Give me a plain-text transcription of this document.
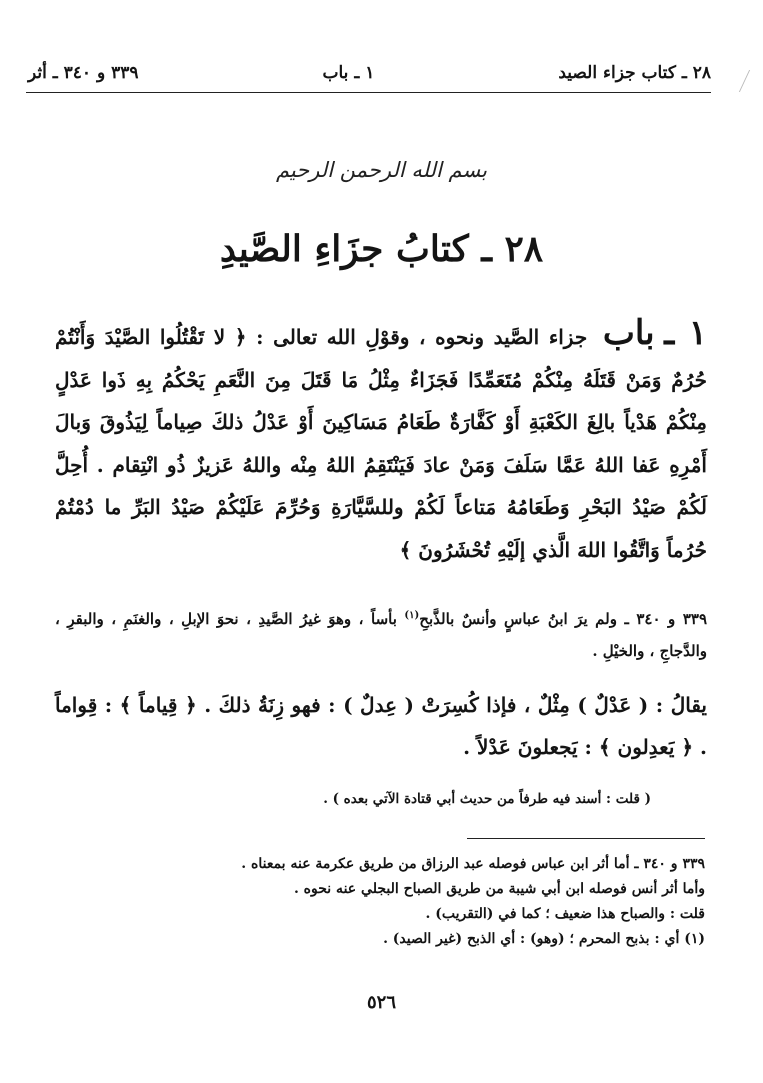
٢٨ ـ كتاب جزاء الصيد
١ ـ باب
٣٣٩ و ٣٤٠ ـ أثر
بسم الله الرحمن الرحيم
٢٨ ـ كتابُ جزَاءِ الصَّيدِ
١ ـ باب جزاء الصَّيد ونحوه ، وقوْلِ الله تعالى : ﴿ لا تَقْتُلُوا الصَّيْدَ وَأَنْتُمْ حُرُمٌ وَمَنْ قَتَلَهُ مِنْكُمْ مُتَعَمِّدًا فَجَزَاءٌ مِثْلُ مَا قَتَلَ مِنَ النَّعَمِ يَحْكُمُ بِهِ ذَوا عَدْلٍ مِنْكُمْ هَدْياً بالِغَ الكَعْبَةِ أَوْ كَفَّارَةٌ طَعَامُ مَسَاكِينَ أَوْ عَدْلُ ذلكَ صِياماً لِيَذُوقَ وَبالَ أَمْرِهِ عَفا اللهُ عَمَّا سَلَفَ وَمَنْ عادَ فَيَنْتَقِمُ اللهُ مِنْه واللهُ عَزيزٌ ذُو انْتِقام . أُحِلَّ لَكُمْ صَيْدُ البَحْرِ وَطَعَامُهُ مَتاعاً لَكُمْ وللسَّيَّارَةِ وَحُرِّمَ عَلَيْكُمْ صَيْدُ البَرِّ ما دُمْتُمْ حُرُماً وَاتَّقُوا اللهَ الَّذي إلَيْهِ تُحْشَرُونَ ﴾
٣٣٩ و ٣٤٠ ـ ولم يرَ ابنُ عباسٍ وأنسٌ بالذَّبحِ$^{(١)}$ بأساً ، وهوَ غيرُ الصَّيدِ ، نحوَ الإبلِ ، والغنَمِ ، والبقرِ ، والدَّجاجِ ، والخيْلِ .
يقالُ : ( عَدْلٌ ) مِثْلٌ ، فإذا كُسِرَتْ ( عِدلٌ ) : فهو زِنَةُ ذلكَ . ﴿ قِياماً ﴾ : قِواماً . ﴿ يَعدِلون ﴾ : يَجعلونَ عَدْلاً .
( قلت : أسند فيه طرفاً من حديث أبي قتادة الآتي بعده ) .
٣٣٩ و ٣٤٠ ـ أما أثر ابن عباس فوصله عبد الرزاق من طريق عكرمة عنه بمعناه .
وأما أثر أنس فوصله ابن أبي شيبة من طريق الصباح البجلي عنه نحوه .
قلت : والصباح هذا ضعيف ؛ كما في (التقريب) .
(١) أي : بذبح المحرم ؛ (وهو) : أي الذبح (غير الصيد) .
٥٢٦
